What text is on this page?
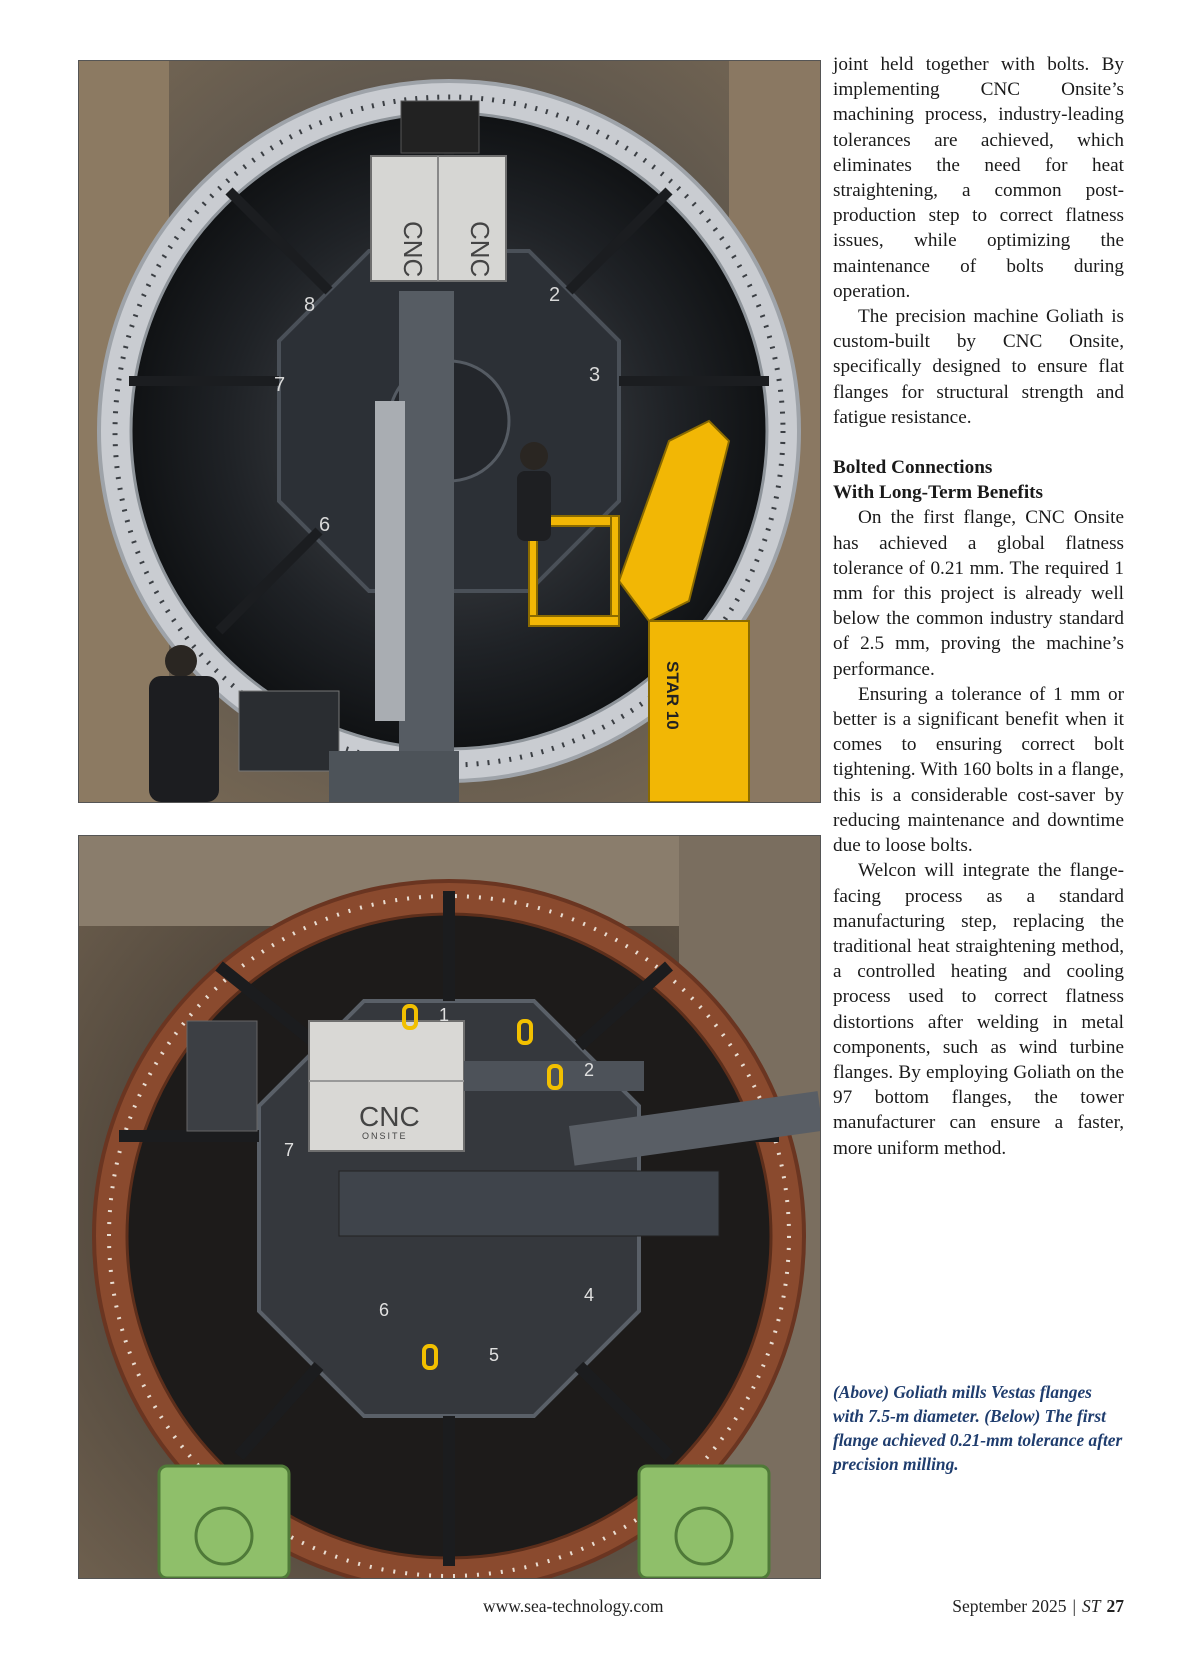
CNC CNC
8	2
7	3
6
STAR 10
CNC
ONSITE
1
2
7
4
6
5

joint held together with bolts. By implementing CNC Onsite’s machining process, industry-leading tolerances are achieved, which eliminates the need for heat straightening, a common post-production step to correct flatness issues, while optimizing the maintenance of bolts during operation.

The precision machine Goliath is custom-built by CNC Onsite, specifically designed to ensure flat flanges for structural strength and fatigue resistance.

Bolted Connections
With Long-Term Benefits

On the first flange, CNC Onsite has achieved a global flatness tolerance of 0.21 mm. The required 1 mm for this project is already well below the common industry standard of 2.5 mm, proving the machine’s performance.

Ensuring a tolerance of 1 mm or better is a significant benefit when it comes to ensuring correct bolt tightening. With 160 bolts in a flange, this is a considerable cost-saver by reducing maintenance and downtime due to loose bolts.

Welcon will integrate the flange-facing process as a standard manufacturing step, replacing the traditional heat straightening method, a controlled heating and cooling process used to correct flatness distortions after welding in metal components, such as wind turbine flanges. By employing Goliath on the 97 bottom flanges, the tower manufacturer can ensure a faster, more uniform method.

(Above) Goliath mills Vestas flanges with 7.5-m diameter. (Below) The first flange achieved 0.21-mm tolerance after precision milling.
www.sea-technology.com	September 2025 | ST 27
